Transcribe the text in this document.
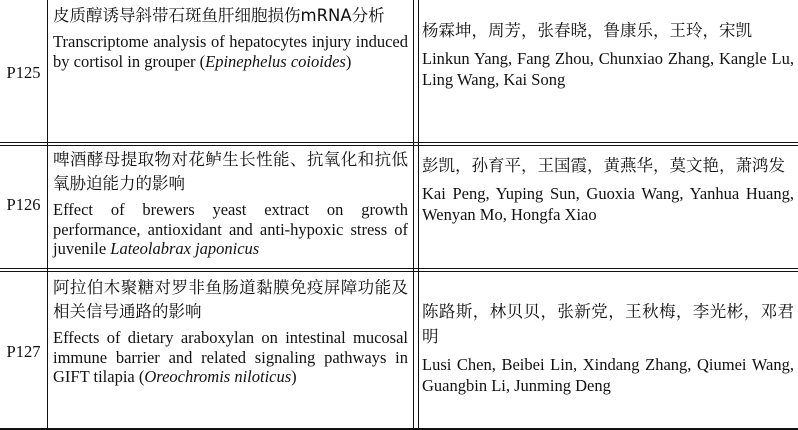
P125
皮质醇诱导斜带石斑鱼肝细胞损伤mRNA分析
Transcriptome analysis of hepatocytes injury induced by cortisol in grouper (Epinephelus coioides)
杨霖坤，周芳，张春晓，鲁康乐，王玲，宋凯
Linkun Yang, Fang Zhou, Chunxiao Zhang, Kangle Lu, Ling Wang, Kai Song
P126
啤酒酵母提取物对花鲈生长性能、抗氧化和抗低氧胁迫能力的影响
Effect of brewers yeast extract on growth performance, antioxidant and anti-hypoxic stress of juvenile Lateolabrax japonicus
彭凯，孙育平，王国霞，黄燕华，莫文艳，萧鸿发
Kai Peng, Yuping Sun, Guoxia Wang, Yanhua Huang, Wenyan Mo, Hongfa Xiao
P127
阿拉伯木聚糖对罗非鱼肠道黏膜免疫屏障功能及相关信号通路的影响
Effects of dietary araboxylan on intestinal mucosal immune barrier and related signaling pathways in GIFT tilapia (Oreochromis niloticus)
陈路斯，林贝贝，张新党，王秋梅，李光彬，邓君明
Lusi Chen, Beibei Lin, Xindang Zhang, Qiumei Wang, Guangbin Li, Junming Deng
